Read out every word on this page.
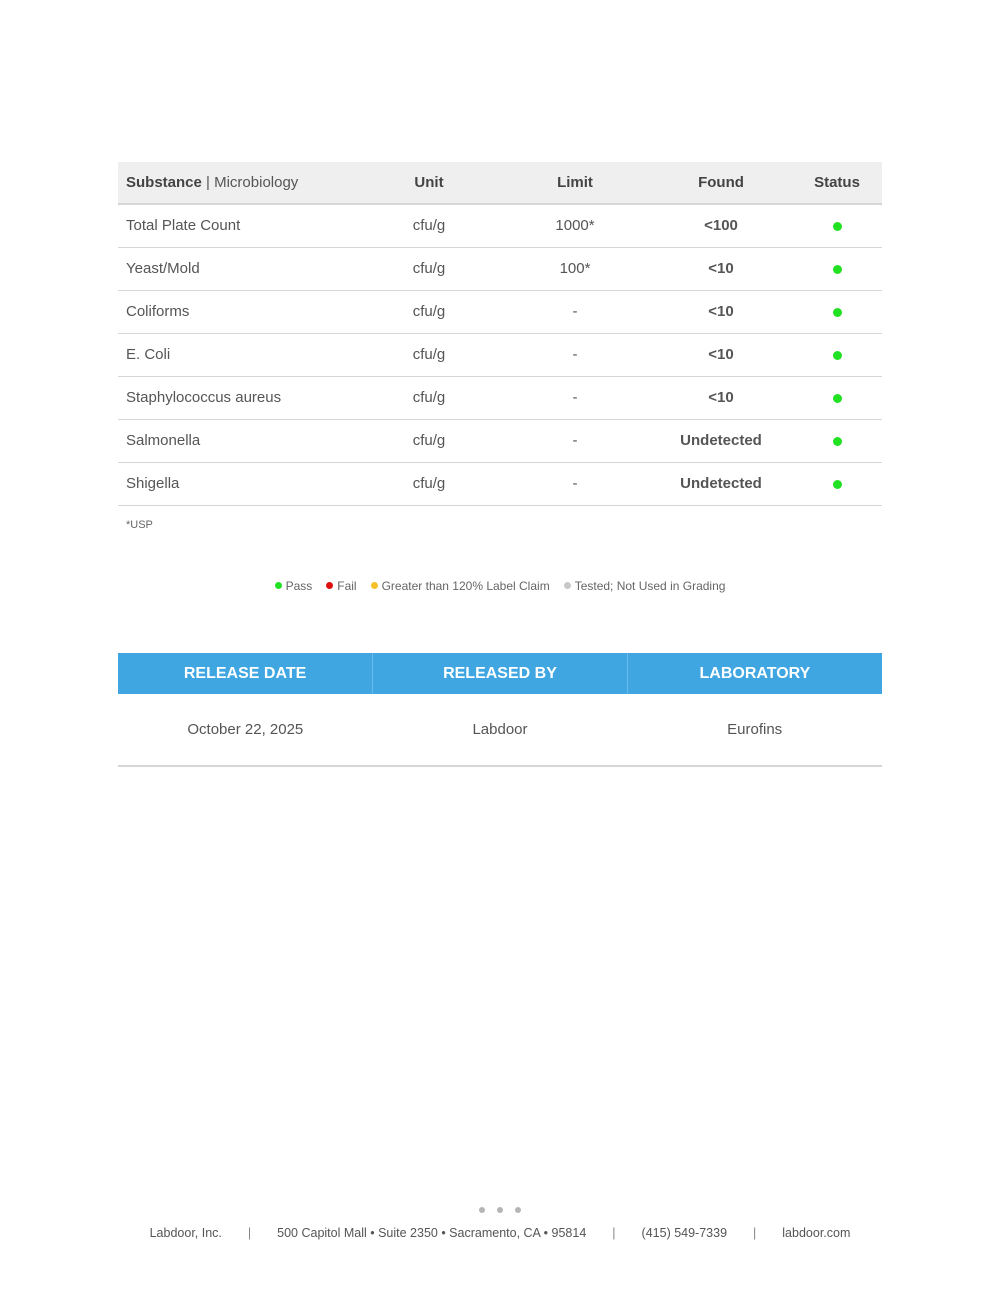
Substance | Microbiology	Unit	Limit	Found	Status
Total Plate Count	cfu/g	1000*	<100	
Yeast/Mold	cfu/g	100*	<10	
Coliforms	cfu/g	-	<10	
E. Coli	cfu/g	-	<10	
Staphylococcus aureus	cfu/g	-	<10	
Salmonella	cfu/g	-	Undetected	
Shigella	cfu/g	-	Undetected	
*USP
Pass Fail Greater than 120% Label Claim Tested; Not Used in Grading
RELEASE DATE	RELEASED BY	LABORATORY
October 22, 2025	Labdoor	Eurofins
Labdoor, Inc. | 500 Capitol Mall • Suite 2350 • Sacramento, CA • 95814 | (415) 549-7339 | labdoor.com
